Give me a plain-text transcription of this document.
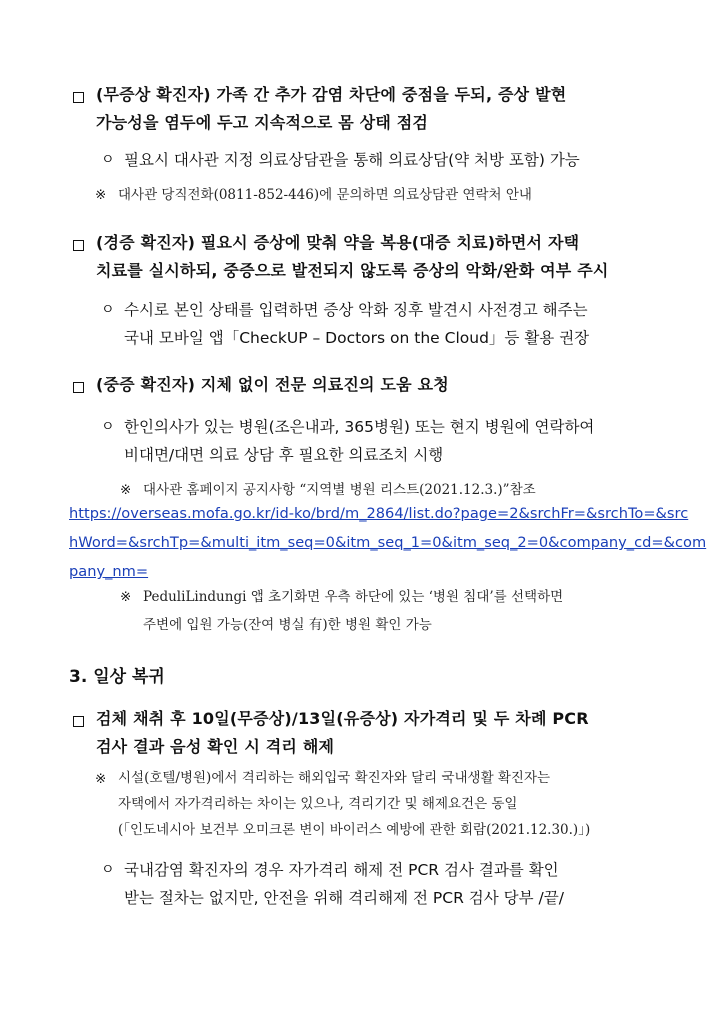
(무증상 확진자) 가족 간 추가 감염 차단에 중점을 두되, 증상 발현
가능성을 염두에 두고 지속적으로 몸 상태 점검
ㅇ 필요시 대사관 지정 의료상담관을 통해 의료상담(약 처방 포함) 가능
※ 대사관 당직전화(0811-852-446)에 문의하면 의료상담관 연락처 안내
(경증 확진자) 필요시 증상에 맞춰 약을 복용(대증 치료)하면서 자택
치료를 실시하되, 중증으로 발전되지 않도록 증상의 악화/완화 여부 주시
ㅇ 수시로 본인 상태를 입력하면 증상 악화 징후 발견시 사전경고 해주는
국내 모바일 앱「CheckUP – Doctors on the Cloud」등 활용 권장
(중증 확진자) 지체 없이 전문 의료진의 도움 요청
ㅇ 한인의사가 있는 병원(조은내과, 365병원) 또는 현지 병원에 연락하여
비대면/대면 의료 상담 후 필요한 의료조치 시행
※ 대사관 홈페이지 공지사항 “지역별 병원 리스트(2021.12.3.)”참조
https://overseas.mofa.go.kr/id-ko/brd/m_2864/list.do?page=2&srchFr=&srchTo=&src
hWord=&srchTp=&multi_itm_seq=0&itm_seq_1=0&itm_seq_2=0&company_cd=&com
pany_nm=
※ PeduliLindungi 앱 초기화면 우측 하단에 있는 ‘병원 침대’를 선택하면
주변에 입원 가능(잔여 병실 有)한 병원 확인 가능
3. 일상 복귀
검체 채취 후 10일(무증상)/13일(유증상) 자가격리 및 두 차례 PCR
검사 결과 음성 확인 시 격리 해제
※ 시설(호텔/병원)에서 격리하는 해외입국 확진자와 달리 국내생활 확진자는
자택에서 자가격리하는 차이는 있으나, 격리기간 및 해제요건은 동일
(「인도네시아 보건부 오미크론 변이 바이러스 예방에 관한 회람(2021.12.30.)」)
ㅇ 국내감염 확진자의 경우 자가격리 해제 전 PCR 검사 결과를 확인
받는 절차는 없지만, 안전을 위해 격리해제 전 PCR 검사 당부 /끝/
